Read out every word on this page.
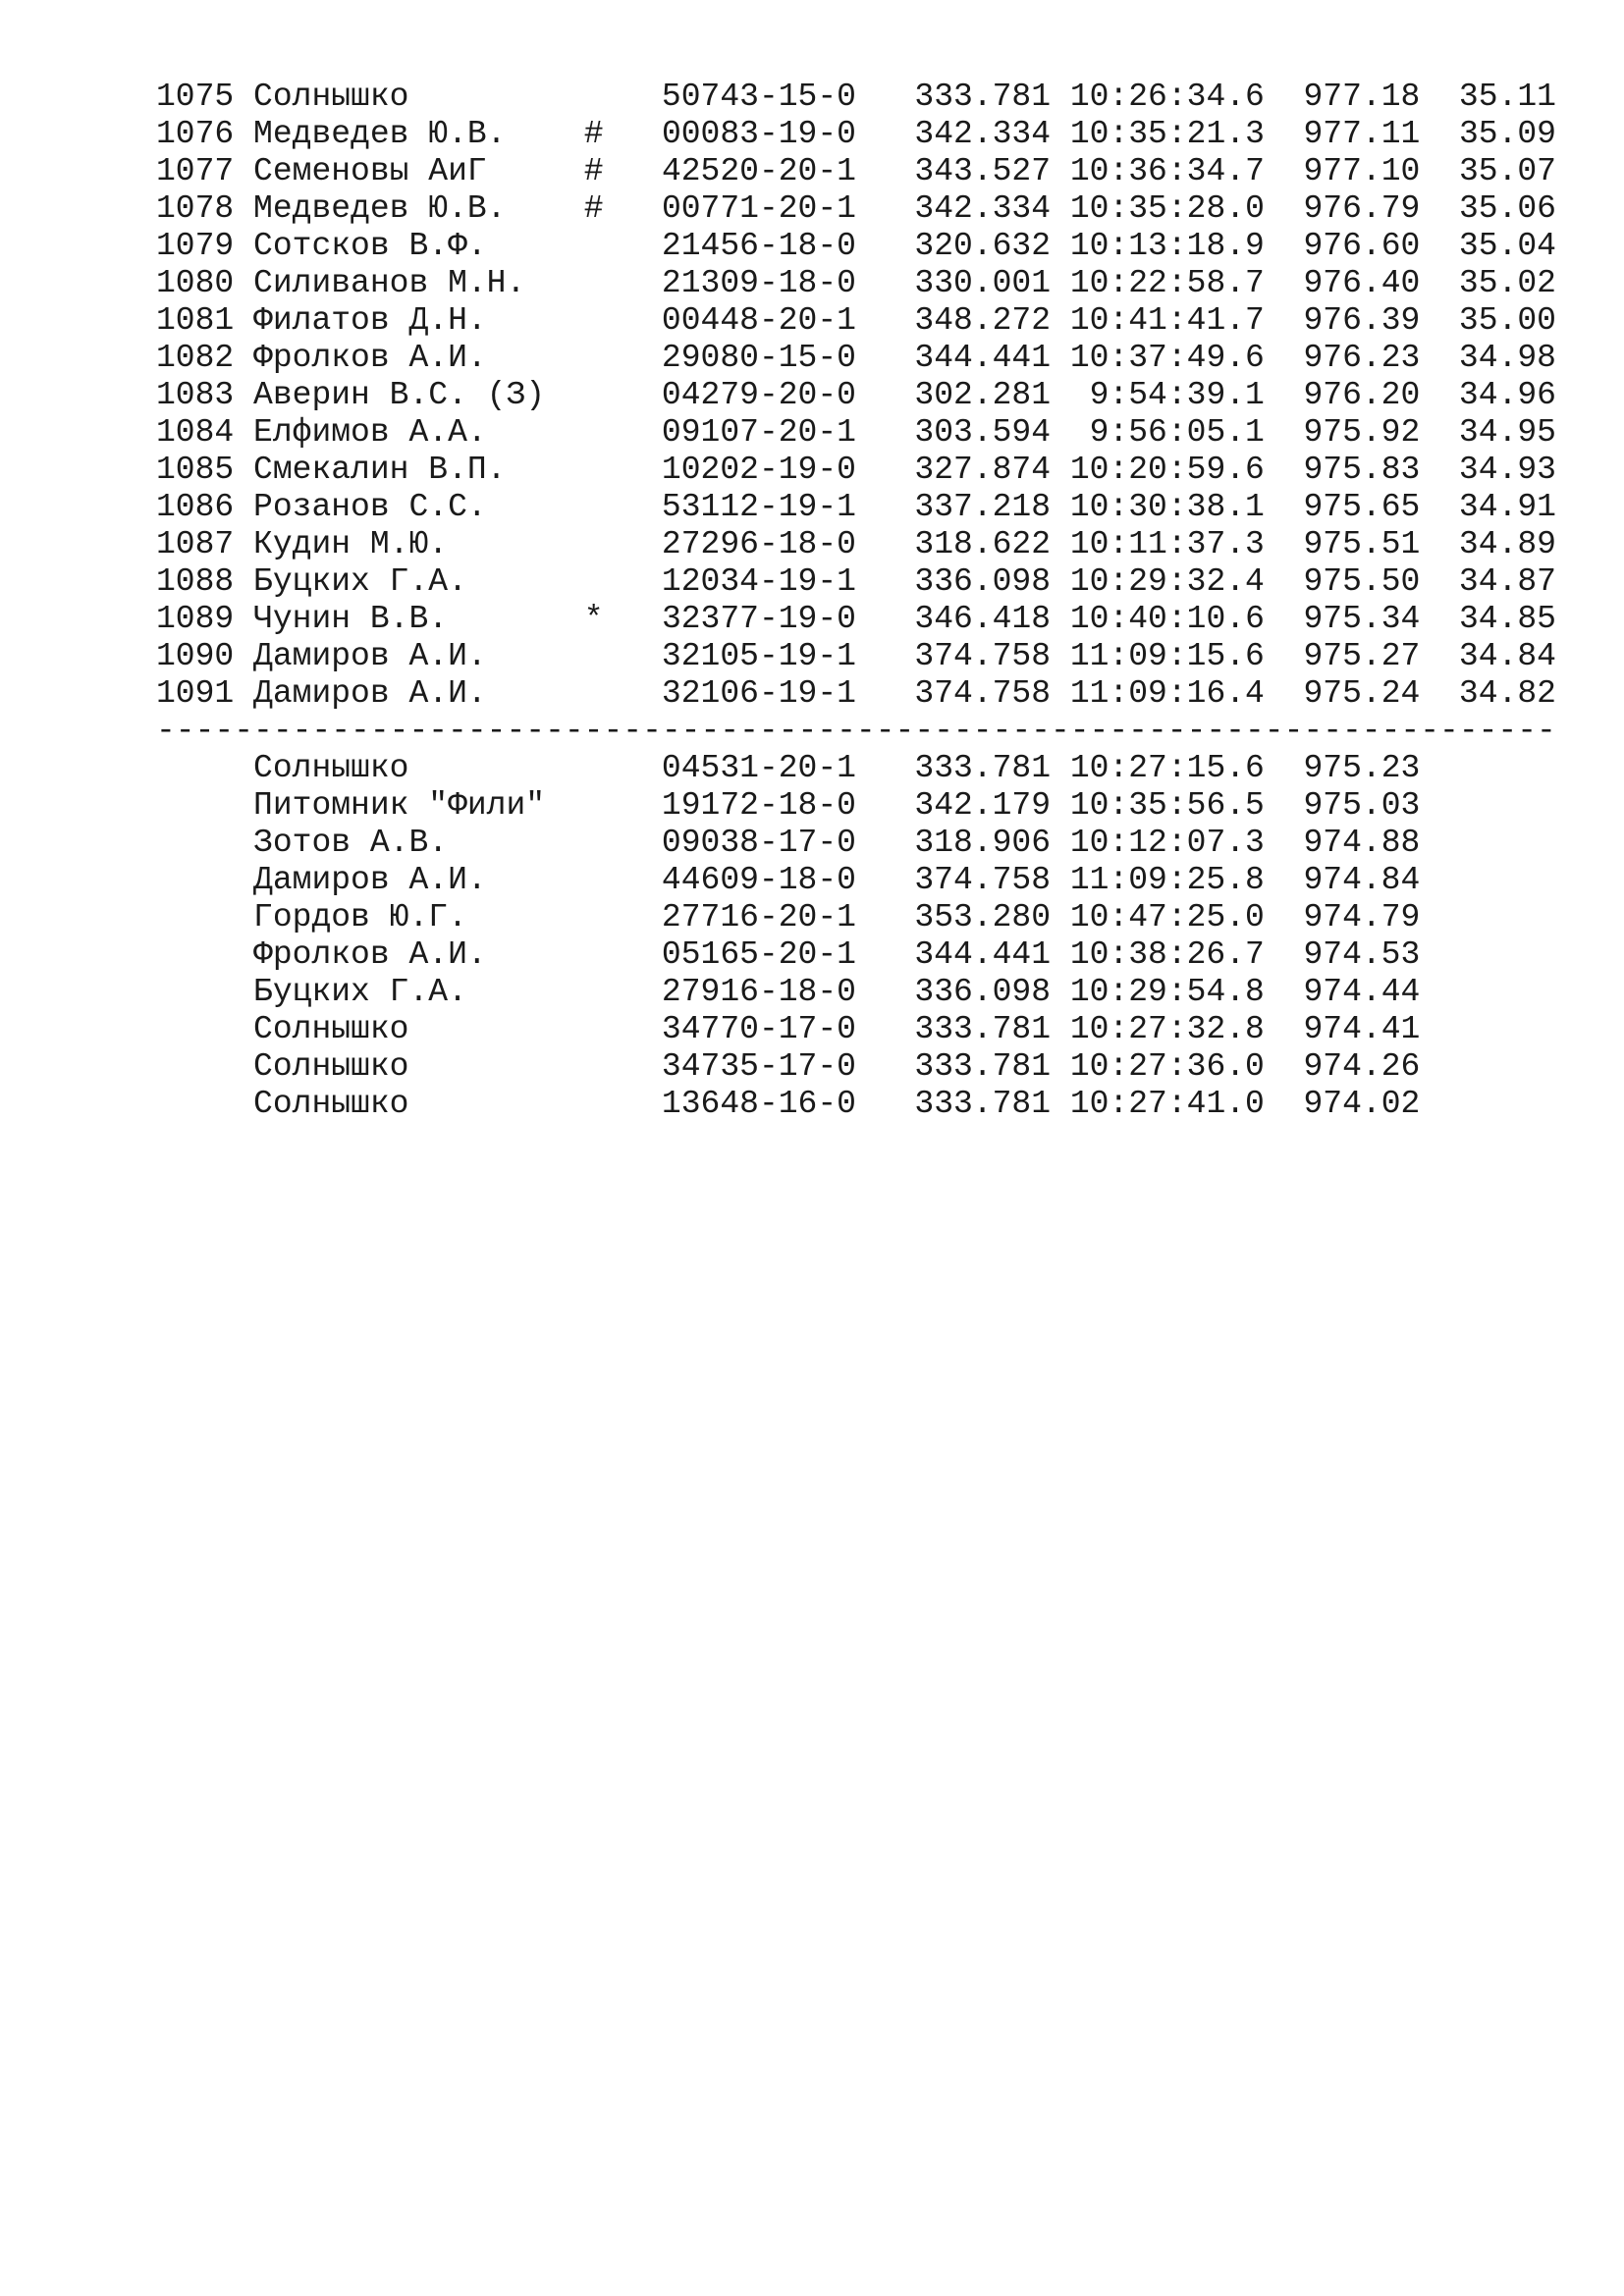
1075 Солнышко	50743-15-0 333.781 10:26:34.6 977.18 35.11
1076 Медведев Ю.В. # 00083-19-0 342.334 10:35:21.3 977.11 35.09
1077 Семеновы АиГ	# 42520-20-1 343.527 10:36:34.7 977.10 35.07
1078 Медведев Ю.В. # 00771-20-1 342.334 10:35:28.0 976.79 35.06
1079 Сотсков В.Ф.	21456-18-0 320.632 10:13:18.9 976.60 35.04
1080 Силиванов М.Н.	21309-18-0 330.001 10:22:58.7 976.40 35.02
1081 Филатов Д.Н.	00448-20-1 348.272 10:41:41.7 976.39 35.00
1082 Фролков А.И.	29080-15-0 344.441 10:37:49.6 976.23 34.98
1083 Аверин В.С. (З)	04279-20-0 302.281 9:54:39.1 976.20 34.96
1084 Елфимов А.А.	09107-20-1 303.594 9:56:05.1 975.92 34.95
1085 Смекалин В.П.	10202-19-0 327.874 10:20:59.6 975.83 34.93
1086 Розанов С.С.	53112-19-1 337.218 10:30:38.1 975.65 34.91
1087 Кудин М.Ю.	27296-18-0 318.622 10:11:37.3 975.51 34.89
1088 Буцких Г.А.	12034-19-1 336.098 10:29:32.4 975.50 34.87
1089 Чунин В.В.	* 32377-19-0 346.418 10:40:10.6 975.34 34.85
1090 Дамиров А.И.	32105-19-1 374.758 11:09:15.6 975.27 34.84
1091 Дамиров А.И.	32106-19-1 374.758 11:09:16.4 975.24 34.82
------------------------------------------------------------------------
Солнышко	04531-20-1 333.781 10:27:15.6 975.23
Питомник "Фили"	19172-18-0 342.179 10:35:56.5 975.03
Зотов А.В.	09038-17-0 318.906 10:12:07.3 974.88
Дамиров А.И.	44609-18-0 374.758 11:09:25.8 974.84
Гордов Ю.Г.	27716-20-1 353.280 10:47:25.0 974.79
Фролков А.И.	05165-20-1 344.441 10:38:26.7 974.53
Буцких Г.А.	27916-18-0 336.098 10:29:54.8 974.44
Солнышко	34770-17-0 333.781 10:27:32.8 974.41
Солнышко	34735-17-0 333.781 10:27:36.0 974.26
Солнышко	13648-16-0 333.781 10:27:41.0 974.02
